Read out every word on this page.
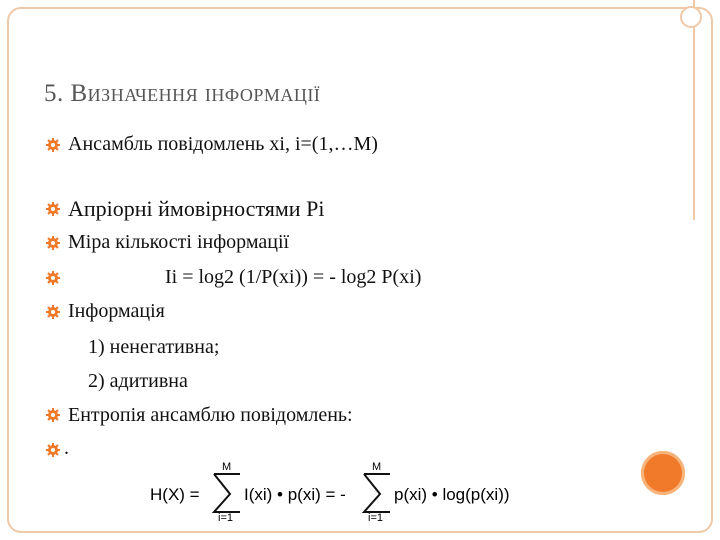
5. Визначення інформації
Ансамбль повідомлень xi, i=(1,…M)
Апріорні ймовірностями Pi
Міра кількості інформації
Ii = log2 (1/P(xi)) = - log2 P(xi)
Інформація
1) ненегативна;
2) адитивна
Ентропія ансамблю повідомлень:
.
H(X) =
M
i=1
I(xi) • p(xi) = -
M
i=1
p(xi) • log(p(xi))
